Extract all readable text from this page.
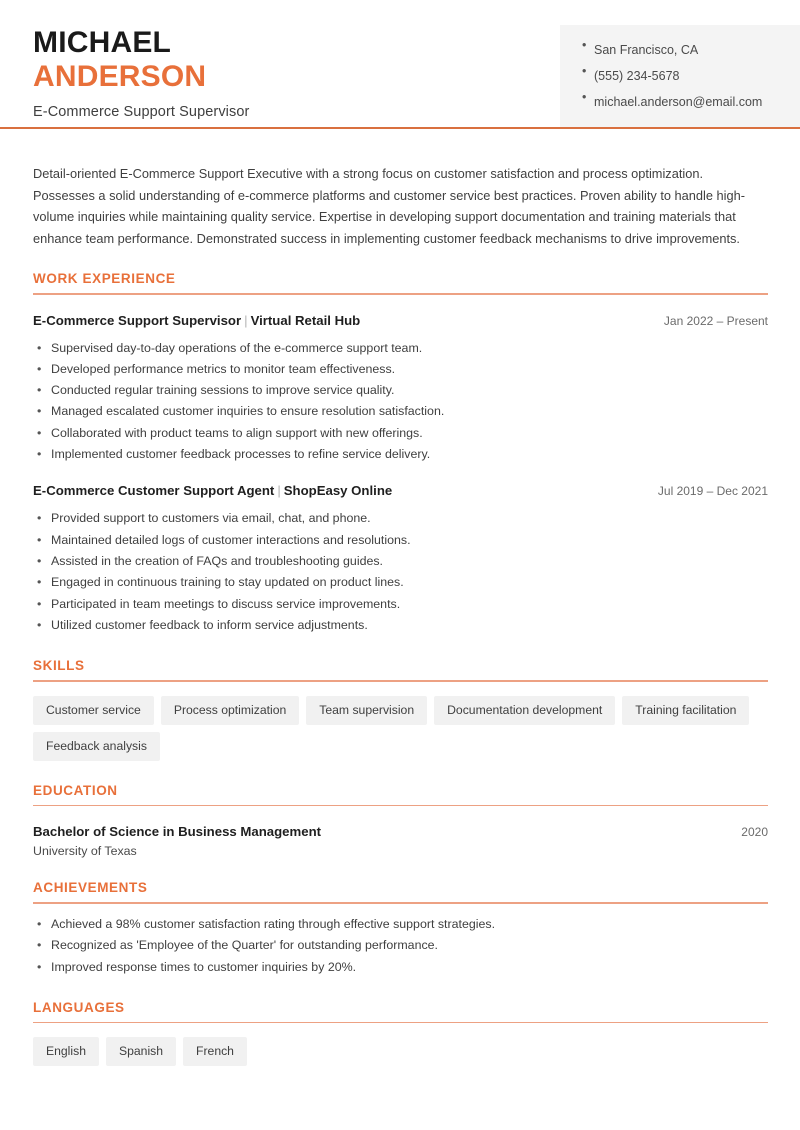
MICHAEL
ANDERSON
E-Commerce Support Supervisor
• San Francisco, CA
• (555) 234-5678
• michael.anderson@email.com
Detail-oriented E-Commerce Support Executive with a strong focus on customer satisfaction and process optimization. Possesses a solid understanding of e-commerce platforms and customer service best practices. Proven ability to handle high-volume inquiries while maintaining quality service. Expertise in developing support documentation and training materials that enhance team performance. Demonstrated success in implementing customer feedback mechanisms to drive improvements.
WORK EXPERIENCE
E-Commerce Support Supervisor | Virtual Retail Hub	Jan 2022 – Present
• Supervised day-to-day operations of the e-commerce support team.
• Developed performance metrics to monitor team effectiveness.
• Conducted regular training sessions to improve service quality.
• Managed escalated customer inquiries to ensure resolution satisfaction.
• Collaborated with product teams to align support with new offerings.
• Implemented customer feedback processes to refine service delivery.
E-Commerce Customer Support Agent | ShopEasy Online	Jul 2019 – Dec 2021
• Provided support to customers via email, chat, and phone.
• Maintained detailed logs of customer interactions and resolutions.
• Assisted in the creation of FAQs and troubleshooting guides.
• Engaged in continuous training to stay updated on product lines.
• Participated in team meetings to discuss service improvements.
• Utilized customer feedback to inform service adjustments.
SKILLS
Customer service	Process optimization	Team supervision	Documentation development	Training facilitation
Feedback analysis
EDUCATION
Bachelor of Science in Business Management	2020
University of Texas
ACHIEVEMENTS
• Achieved a 98% customer satisfaction rating through effective support strategies.
• Recognized as 'Employee of the Quarter' for outstanding performance.
• Improved response times to customer inquiries by 20%.
LANGUAGES
English	Spanish	French
